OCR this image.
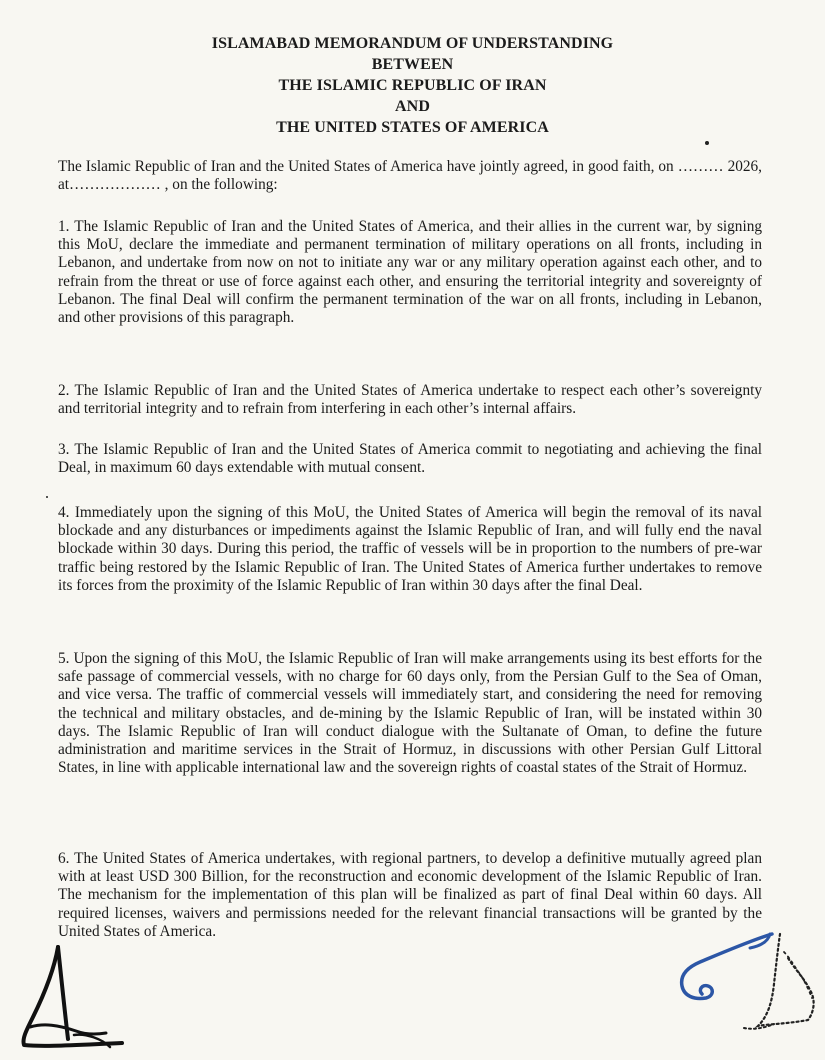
ISLAMABAD MEMORANDUM OF UNDERSTANDING
BETWEEN
THE ISLAMIC REPUBLIC OF IRAN
AND
THE UNITED STATES OF AMERICA

The Islamic Republic of Iran and the United States of America have jointly agreed, in good faith, on ……… 2026, at……………… , on the following:

1. The Islamic Republic of Iran and the United States of America, and their allies in the current war, by signing this MoU, declare the immediate and permanent termination of military operations on all fronts, including in Lebanon, and undertake from now on not to initiate any war or any military operation against each other, and to refrain from the threat or use of force against each other, and ensuring the territorial integrity and sovereignty of Lebanon. The final Deal will confirm the permanent termination of the war on all fronts, including in Lebanon, and other provisions of this paragraph.

2. The Islamic Republic of Iran and the United States of America undertake to respect each other’s sovereignty and territorial integrity and to refrain from interfering in each other’s internal affairs.

3. The Islamic Republic of Iran and the United States of America commit to negotiating and achieving the final Deal, in maximum 60 days extendable with mutual consent.

4. Immediately upon the signing of this MoU, the United States of America will begin the removal of its naval blockade and any disturbances or impediments against the Islamic Republic of Iran, and will fully end the naval blockade within 30 days. During this period, the traffic of vessels will be in proportion to the numbers of pre-war traffic being restored by the Islamic Republic of Iran. The United States of America further undertakes to remove its forces from the proximity of the Islamic Republic of Iran within 30 days after the final Deal.

5. Upon the signing of this MoU, the Islamic Republic of Iran will make arrangements using its best efforts for the safe passage of commercial vessels, with no charge for 60 days only, from the Persian Gulf to the Sea of Oman, and vice versa. The traffic of commercial vessels will immediately start, and considering the need for removing the technical and military obstacles, and de-mining by the Islamic Republic of Iran, will be instated within 30 days. The Islamic Republic of Iran will conduct dialogue with the Sultanate of Oman, to define the future administration and maritime services in the Strait of Hormuz, in discussions with other Persian Gulf Littoral States, in line with applicable international law and the sovereign rights of coastal states of the Strait of Hormuz.

6. The United States of America undertakes, with regional partners, to develop a definitive mutually agreed plan with at least USD 300 Billion, for the reconstruction and economic development of the Islamic Republic of Iran. The mechanism for the implementation of this plan will be finalized as part of final Deal within 60 days. All required licenses, waivers and permissions needed for the relevant financial transactions will be granted by the United States of America.
